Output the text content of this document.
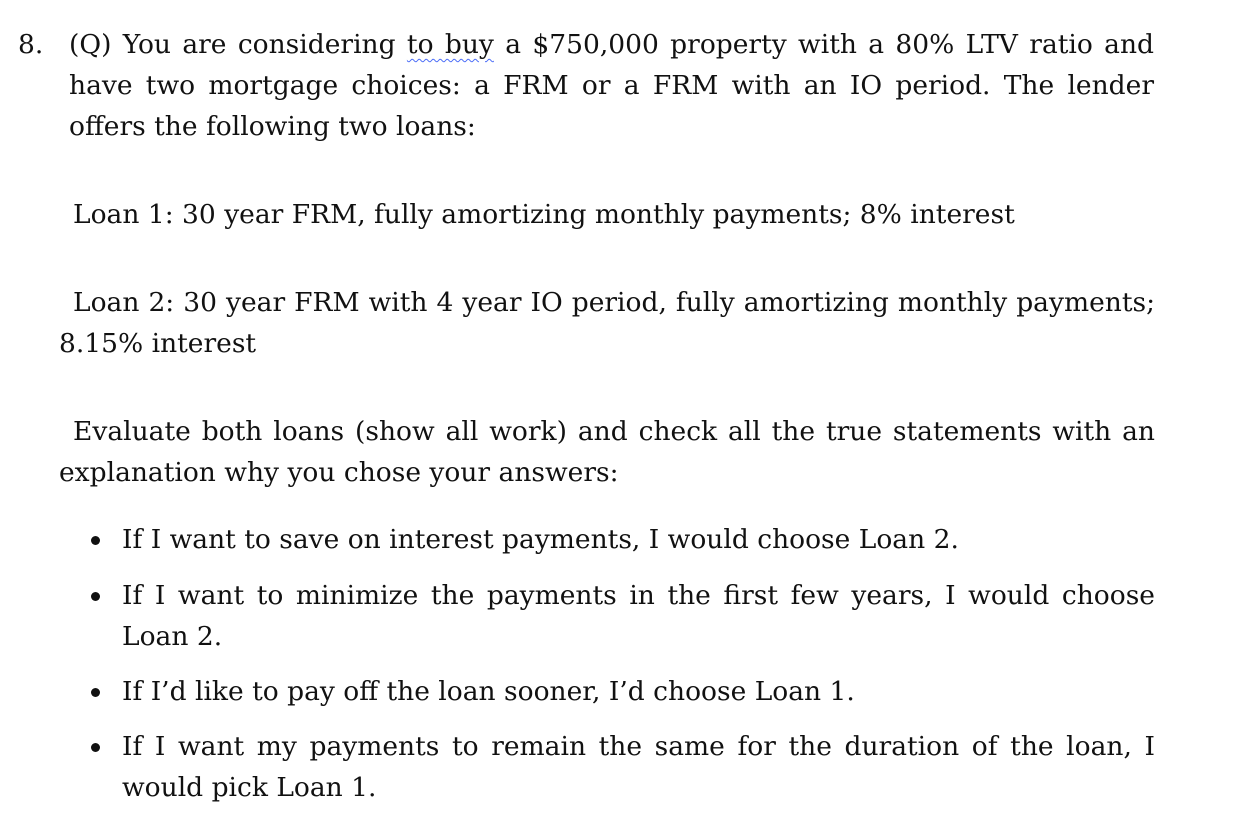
8. (Q) You are considering to buy a $750,000 property with a 80% LTV ratio and have two mortgage choices: a FRM or a FRM with an IO period. The lender offers the following two loans:

Loan 1: 30 year FRM, fully amortizing monthly payments; 8% interest

Loan 2: 30 year FRM with 4 year IO period, fully amortizing monthly payments; 8.15% interest

Evaluate both loans (show all work) and check all the true statements with an explanation why you chose your answers:

If I want to save on interest payments, I would choose Loan 2.
If I want to minimize the payments in the first few years, I would choose Loan 2.
If I’d like to pay off the loan sooner, I’d choose Loan 1.
If I want my payments to remain the same for the duration of the loan, I would pick Loan 1.
